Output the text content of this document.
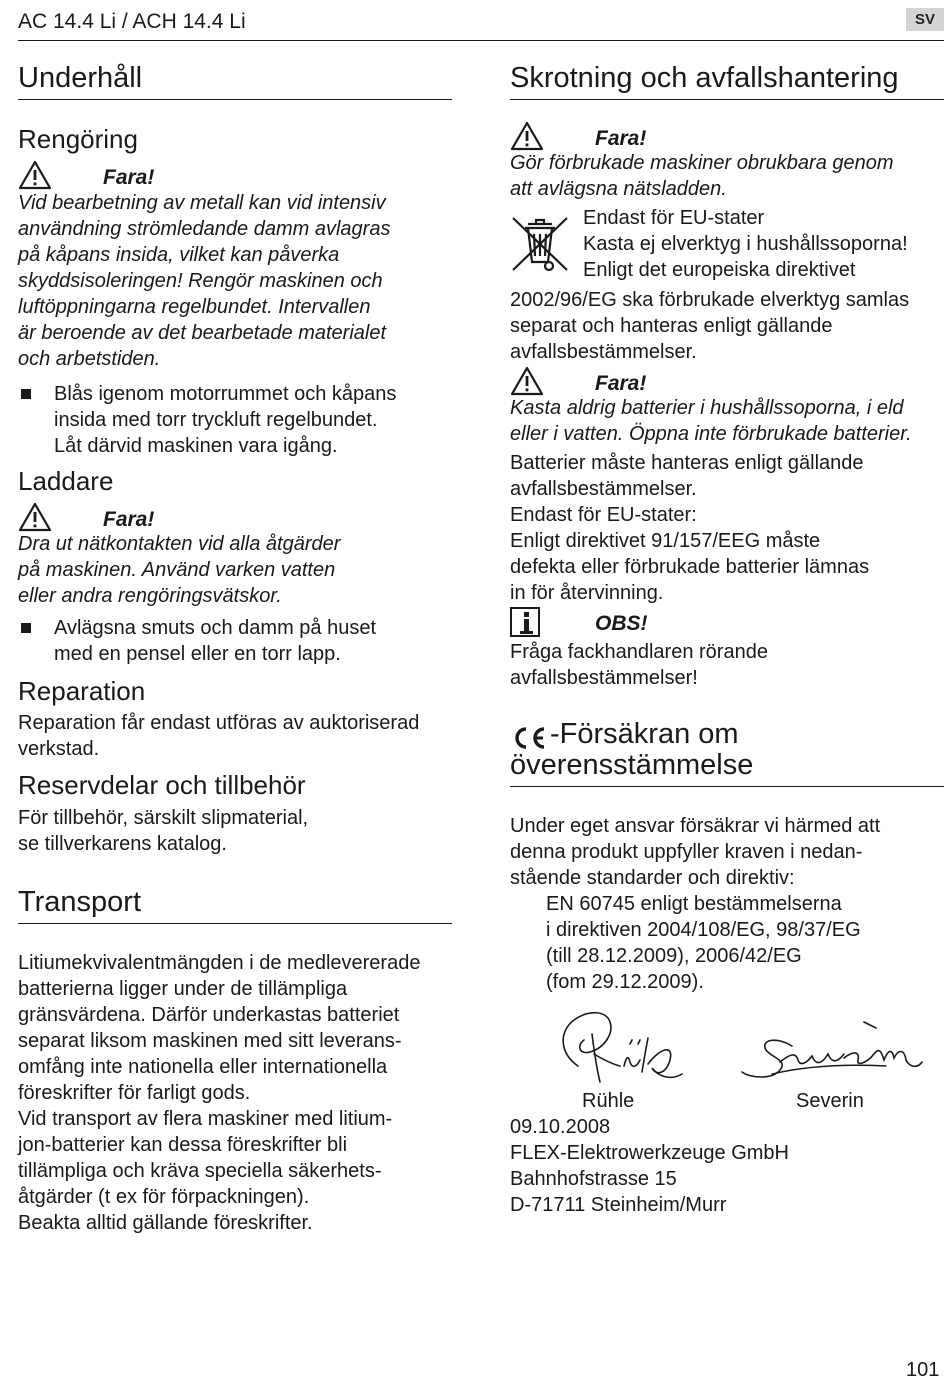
AC 14.4 Li / ACH 14.4 Li	SV
Underhåll
Rengöring
Fara!
Vid bearbetning av metall kan vid intensiv
användning strömledande damm avlagras
på kåpans insida, vilket kan påverka
skyddsisoleringen! Rengör maskinen och
luftöppningarna regelbundet. Intervallen
är beroende av det bearbetade materialet
och arbetstiden.
Blås igenom motorrummet och kåpans
insida med torr tryckluft regelbundet.
Låt därvid maskinen vara igång.
Laddare
Fara!
Dra ut nätkontakten vid alla åtgärder
på maskinen. Använd varken vatten
eller andra rengöringsvätskor.
Avlägsna smuts och damm på huset
med en pensel eller en torr lapp.
Reparation
Reparation får endast utföras av auktoriserad
verkstad.
Reservdelar och tillbehör
För tillbehör, särskilt slipmaterial,
se tillverkarens katalog.
Transport
Litiumekvivalentmängden i de medlevererade
batterierna ligger under de tillämpliga
gränsvärdena. Därför underkastas batteriet
separat liksom maskinen med sitt leverans-
omfång inte nationella eller internationella
föreskrifter för farligt gods.
Vid transport av flera maskiner med litium-
jon-batterier kan dessa föreskrifter bli
tillämpliga och kräva speciella säkerhets-
åtgärder (t ex för förpackningen).
Beakta alltid gällande föreskrifter.
Skrotning och avfallshantering
Fara!
Gör förbrukade maskiner obrukbara genom
att avlägsna nätsladden.
Endast för EU-stater
Kasta ej elverktyg i hushållssoporna!
Enligt det europeiska direktivet
2002/96/EG ska förbrukade elverktyg samlas
separat och hanteras enligt gällande
avfallsbestämmelser.
Fara!
Kasta aldrig batterier i hushållssoporna, i eld
eller i vatten. Öppna inte förbrukade batterier.
Batterier måste hanteras enligt gällande
avfallsbestämmelser.
Endast för EU-stater:
Enligt direktivet 91/157/EEG måste
defekta eller förbrukade batterier lämnas
in för återvinning.
OBS!
Fråga fackhandlaren rörande
avfallsbestämmelser!
-Försäkran om
överensstämmelse
Under eget ansvar försäkrar vi härmed att
denna produkt uppfyller kraven i nedan-
stående standarder och direktiv:
EN 60745 enligt bestämmelserna
i direktiven 2004/108/EG, 98/37/EG
(till 28.12.2009), 2006/42/EG
(fom 29.12.2009).
Rühle	Severin
09.10.2008
FLEX-Elektrowerkzeuge GmbH
Bahnhofstrasse 15
D-71711 Steinheim/Murr
101
